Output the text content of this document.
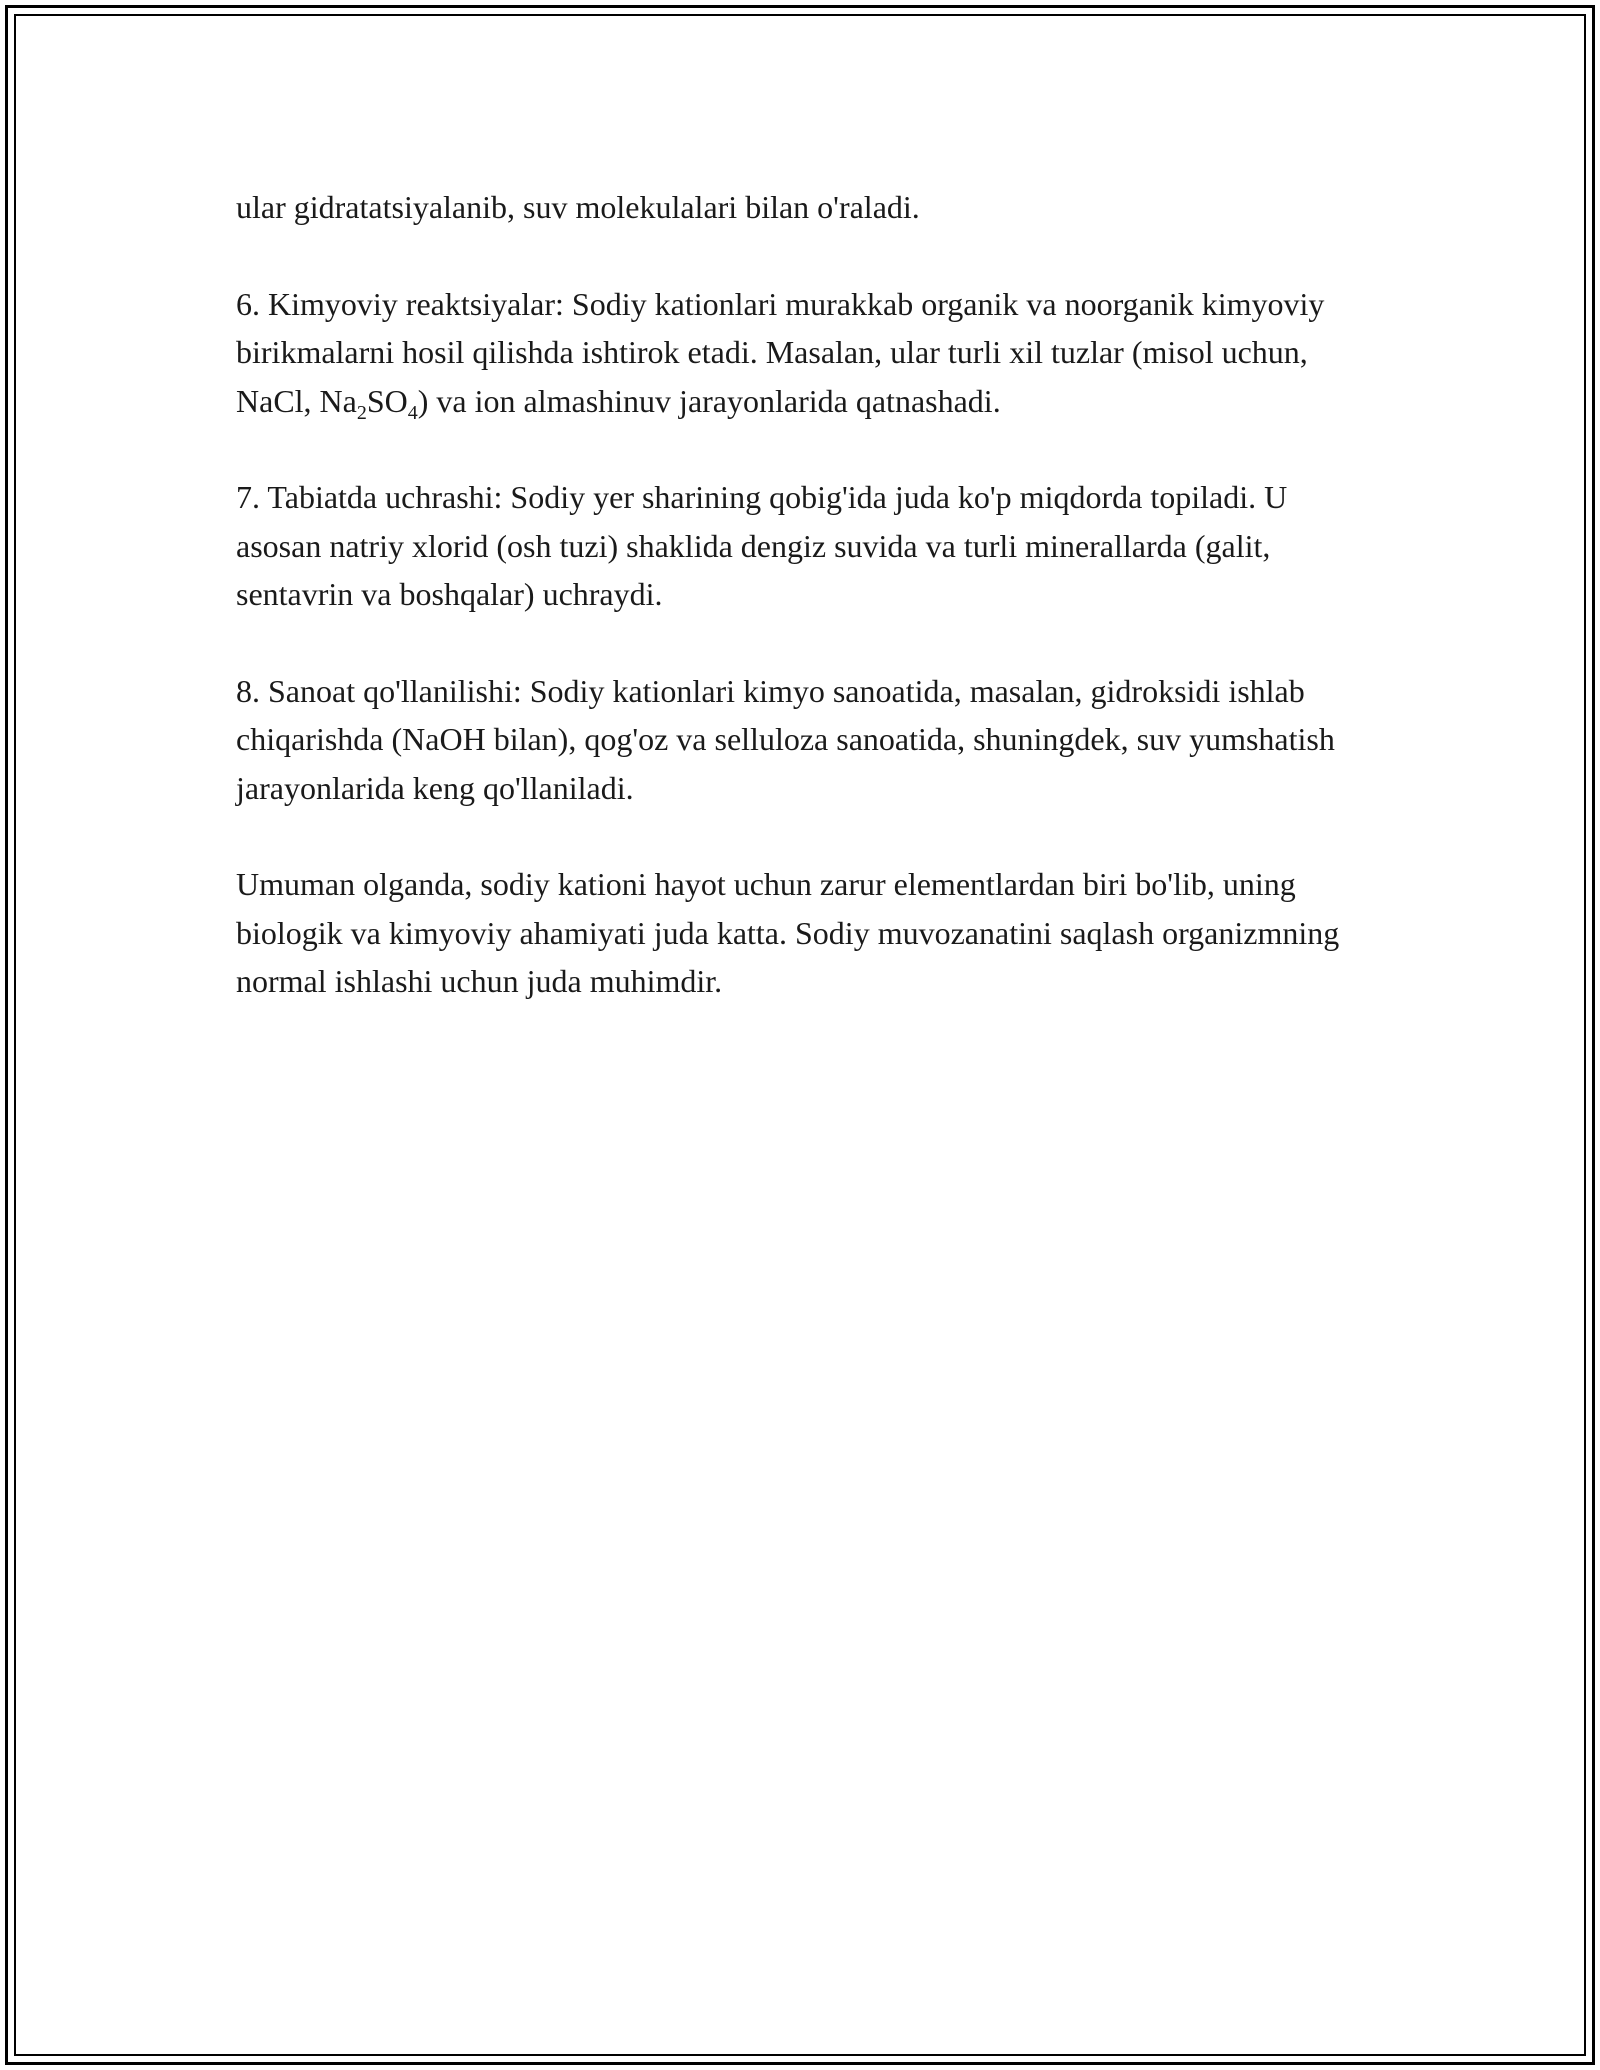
ular gidratatsiyalanib, suv molekulalari bilan o'raladi.

6. Kimyoviy reaktsiyalar: Sodiy kationlari murakkab organik va noorganik kimyoviy birikmalarni hosil qilishda ishtirok etadi. Masalan, ular turli xil tuzlar (misol uchun, NaCl, $Na_2SO_4$) va ion almashinuv jarayonlarida qatnashadi.

7. Tabiatda uchrashi: Sodiy yer sharining qobig'ida juda ko'p miqdorda topiladi. U asosan natriy xlorid (osh tuzi) shaklida dengiz suvida va turli minerallarda (galit, sentavrin va boshqalar) uchraydi.

8. Sanoat qo'llanilishi: Sodiy kationlari kimyo sanoatida, masalan, gidroksidi ishlab chiqarishda (NaOH bilan), qog'oz va selluloza sanoatida, shuningdek, suv yumshatish jarayonlarida keng qo'llaniladi.

Umuman olganda, sodiy kationi hayot uchun zarur elementlardan biri bo'lib, uning biologik va kimyoviy ahamiyati juda katta. Sodiy muvozanatini saqlash organizmning normal ishlashi uchun juda muhimdir.
